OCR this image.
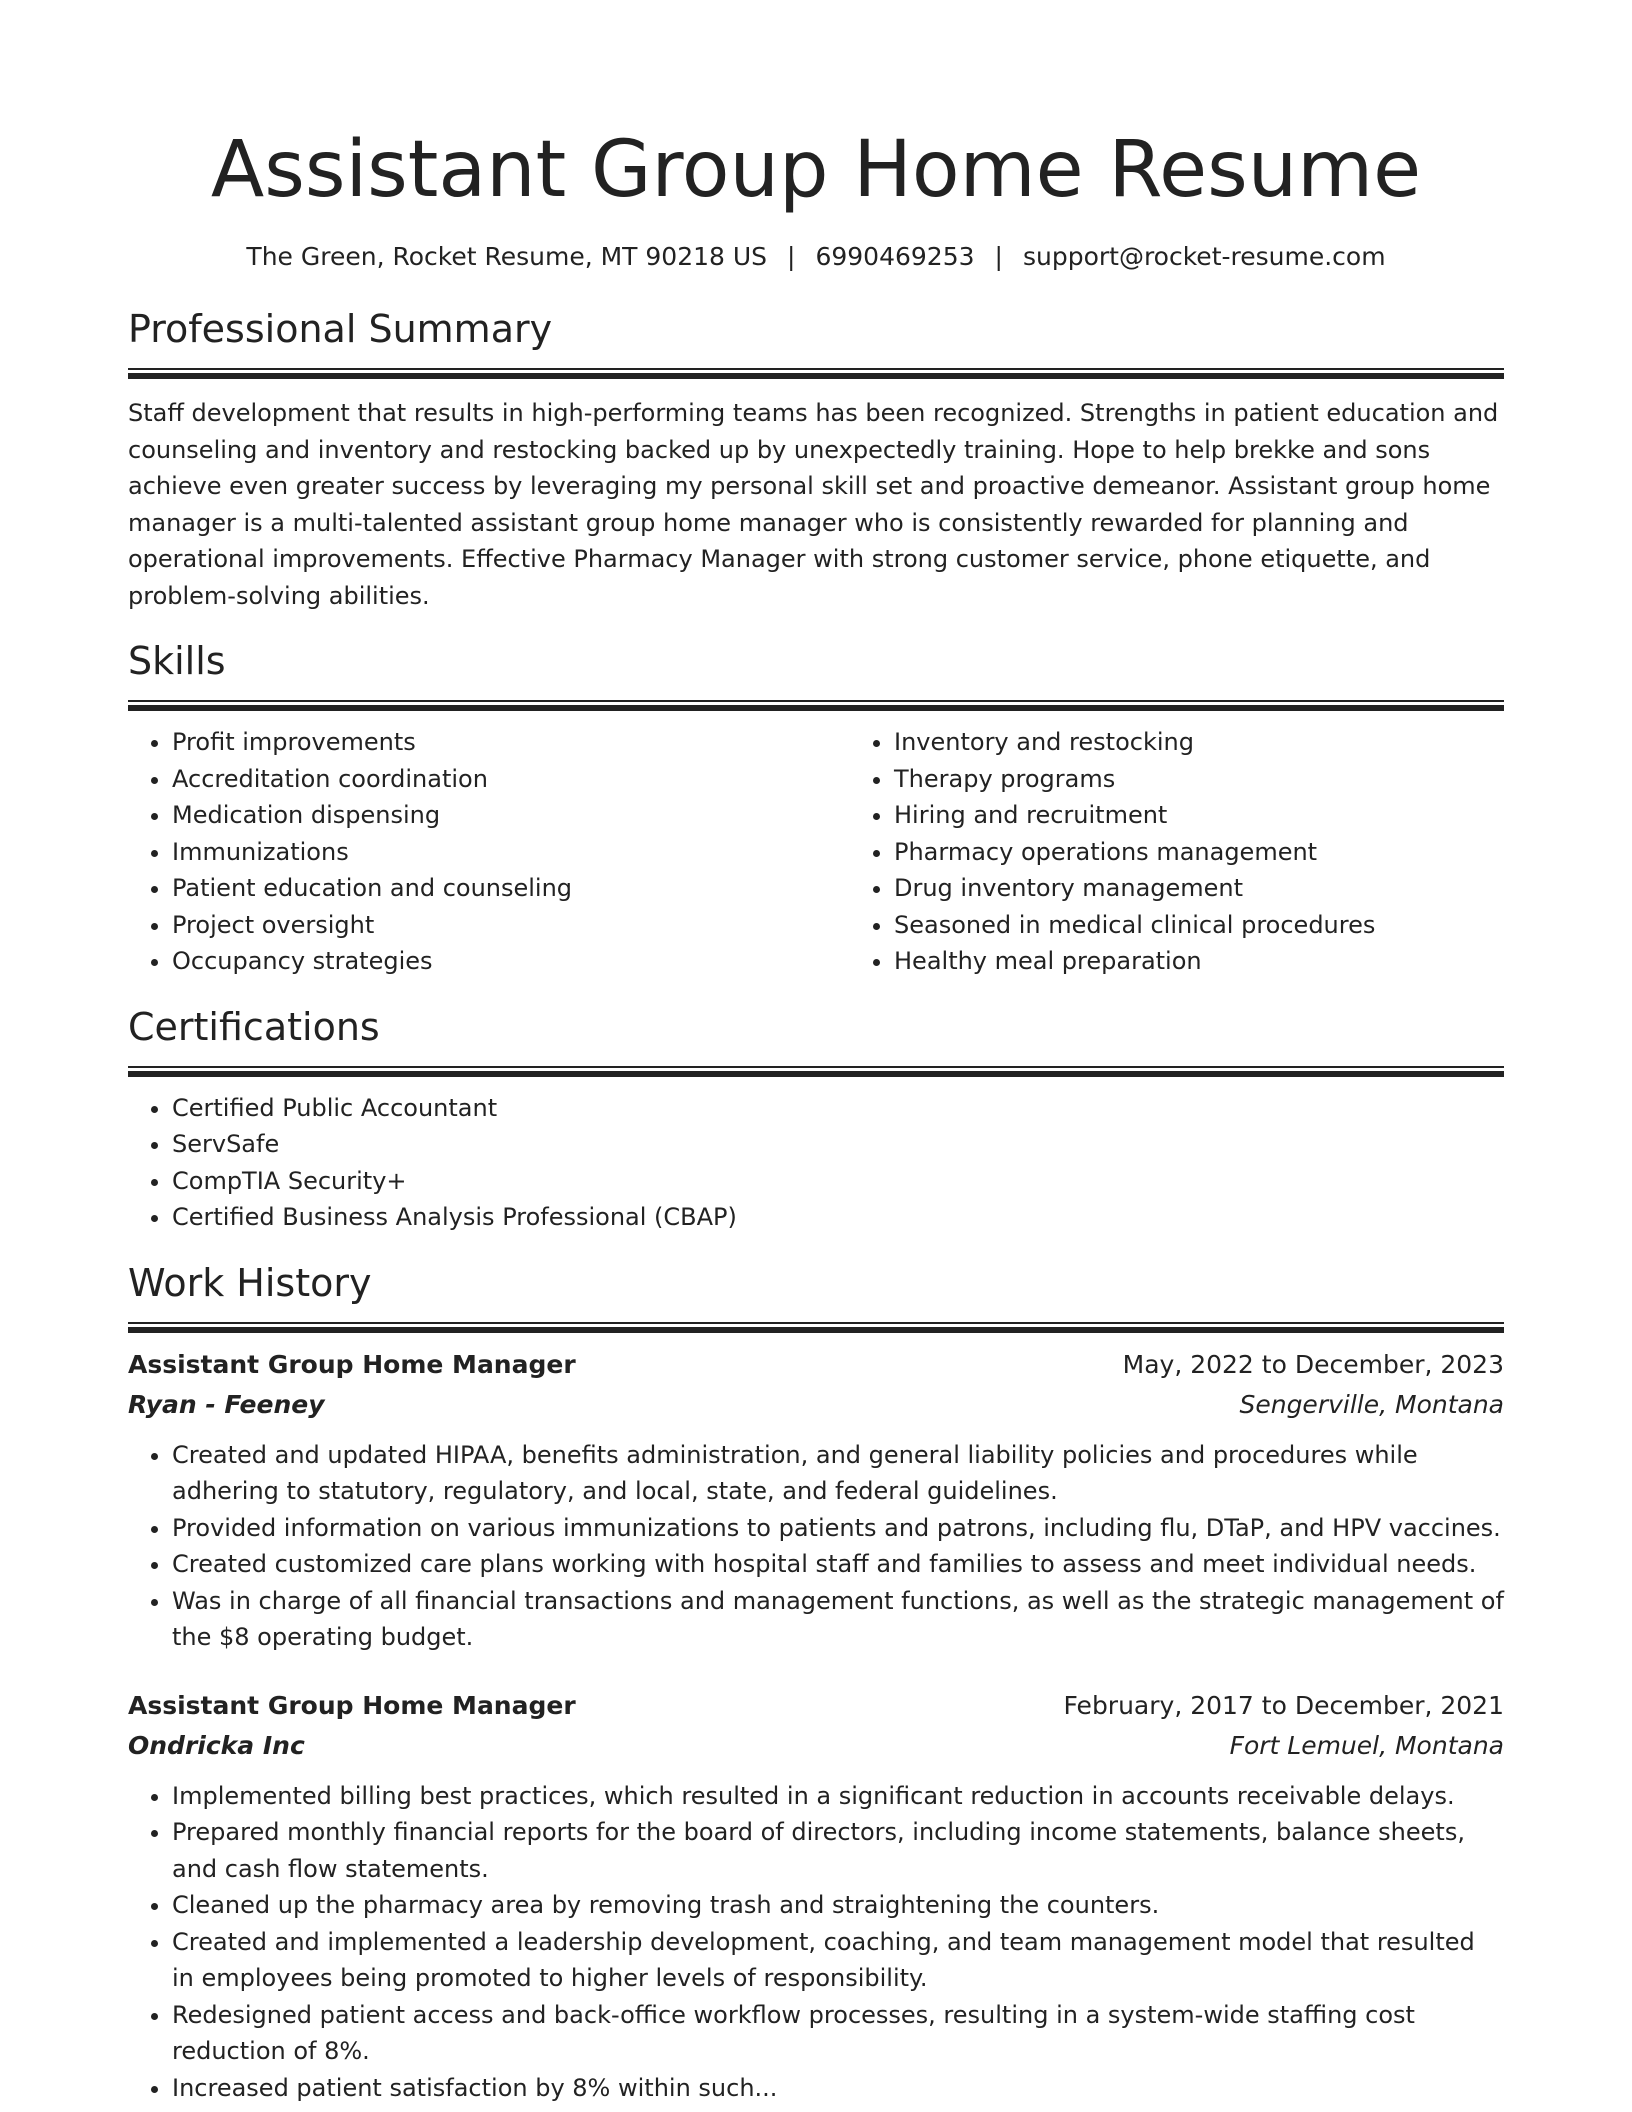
Assistant Group Home Resume
The Green, Rocket Resume, MT 90218 US | 6990469253 | support@rocket-resume.com
Professional Summary

Staff development that results in high-performing teams has been recognized. Strengths in patient education and counseling and inventory and restocking backed up by unexpectedly training. Hope to help brekke and sons achieve even greater success by leveraging my personal skill set and proactive demeanor. Assistant group home manager is a multi-talented assistant group home manager who is consistently rewarded for planning and operational improvements. Effective Pharmacy Manager with strong customer service, phone etiquette, and problem-solving abilities.

Skills
• Profit improvements
• Accreditation coordination
• Medication dispensing
• Immunizations
• Patient education and counseling
• Project oversight
• Occupancy strategies
• Inventory and restocking
• Therapy programs
• Hiring and recruitment
• Pharmacy operations management
• Drug inventory management
• Seasoned in medical clinical procedures
• Healthy meal preparation
Certifications
• Certified Public Accountant
• ServSafe
• CompTIA Security+
• Certified Business Analysis Professional (CBAP)
Work History
Assistant Group Home Manager	May, 2022 to December, 2023
Ryan - Feeney	Sengerville, Montana
• Created and updated HIPAA, benefits administration, and general liability policies and procedures while adhering to statutory, regulatory, and local, state, and federal guidelines.
• Provided information on various immunizations to patients and patrons, including flu, DTaP, and HPV vaccines.
• Created customized care plans working with hospital staff and families to assess and meet individual needs.
• Was in charge of all financial transactions and management functions, as well as the strategic management of the $8 operating budget.
Assistant Group Home Manager	February, 2017 to December, 2021
Ondricka Inc	Fort Lemuel, Montana
• Implemented billing best practices, which resulted in a significant reduction in accounts receivable delays.
• Prepared monthly financial reports for the board of directors, including income statements, balance sheets, and cash flow statements.
• Cleaned up the pharmacy area by removing trash and straightening the counters.
• Created and implemented a leadership development, coaching, and team management model that resulted in employees being promoted to higher levels of responsibility.
• Redesigned patient access and back-office workflow processes, resulting in a system-wide staffing cost reduction of 8%.
• Increased patient satisfaction by 8% within such...
